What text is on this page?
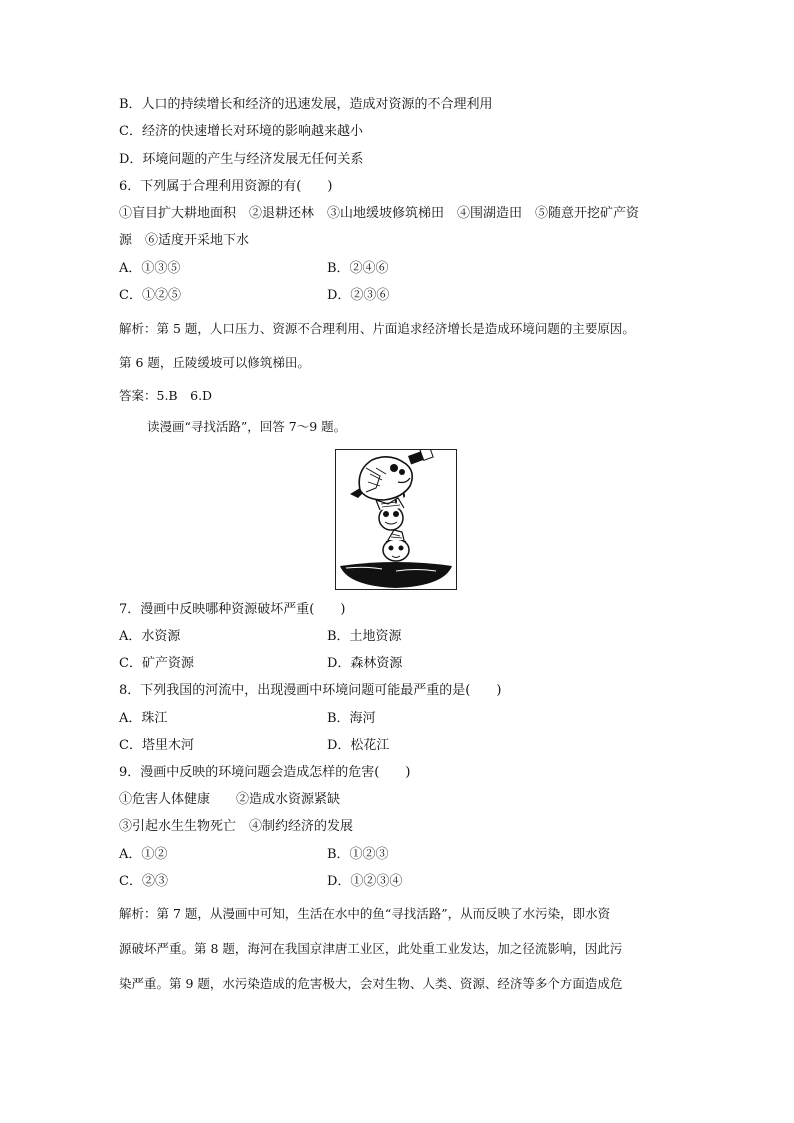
B．人口的持续增长和经济的迅速发展，造成对资源的不合理利用
C．经济的快速增长对环境的影响越来越小
D．环境问题的产生与经济发展无任何关系
6．下列属于合理利用资源的有(　　)
①盲目扩大耕地面积　②退耕还林　③山地缓坡修筑梯田　④围湖造田　⑤随意开挖矿产资
源　⑥适度开采地下水
A．①③⑤	B．②④⑥
C．①②⑤	D．②③⑥
解析：第 5 题，人口压力、资源不合理利用、片面追求经济增长是造成环境问题的主要原因。
第 6 题，丘陵缓坡可以修筑梯田。
答案：5.B　6.D
读漫画“寻找活路”，回答 7～9 题。
7．漫画中反映哪种资源破坏严重(　　)
A．水资源	B．土地资源
C．矿产资源	D．森林资源
8．下列我国的河流中，出现漫画中环境问题可能最严重的是(　　)
A．珠江	B．海河
C．塔里木河	D．松花江
9．漫画中反映的环境问题会造成怎样的危害(　　)
①危害人体健康　　②造成水资源紧缺
③引起水生生物死亡　④制约经济的发展
A．①②	B．①②③
C．②③	D．①②③④
解析：第 7 题，从漫画中可知，生活在水中的鱼“寻找活路”，从而反映了水污染，即水资
源破坏严重。第 8 题，海河在我国京津唐工业区，此处重工业发达，加之径流影响，因此污
染严重。第 9 题，水污染造成的危害极大，会对生物、人类、资源、经济等多个方面造成危
